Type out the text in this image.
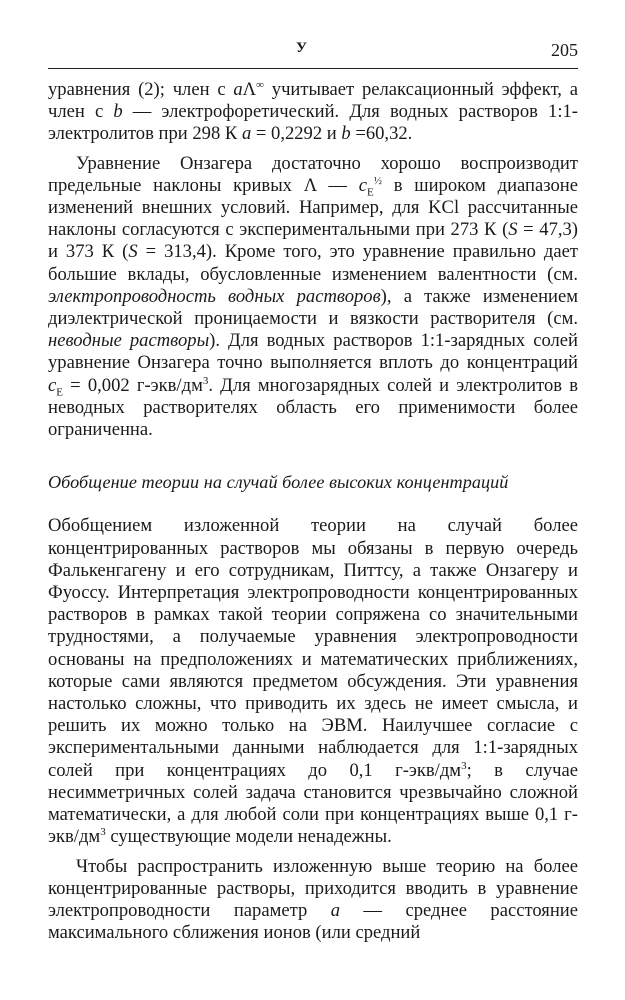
У	205

уравнения (2); член с aΛ∞ учитывает релаксационный эффект, а член с b — электрофоретический. Для водных растворов 1:1-электролитов при 298 К a = 0,2292 и b =60,32.

Уравнение Онзагера достаточно хорошо воспроизводит предельные наклоны кривых Λ — $c_E^{\frac{1}{2}}$ в широком диапазоне изменений внешних условий. Например, для KCl рассчитанные наклоны согласуются с экспериментальными при 273 К (S = 47,3) и 373 К (S = 313,4). Кроме того, это уравнение правильно дает большие вклады, обусловленные изменением валентности (см. электропроводность водных растворов), а также изменением диэлектрической проницаемости и вязкости растворителя (см. неводные растворы). Для водных растворов 1:1-зарядных солей уравнение Онзагера точно выполняется вплоть до концентраций $c_E = 0,002$ $г-экв/дм^3$. Для многозарядных солей и электролитов в неводных растворителях область его применимости более ограниченна.

Обобщение теории на случай более высоких концентраций

Обобщением изложенной теории на случай более концентрированных растворов мы обязаны в первую очередь Фалькенгагену и его сотрудникам, Питтсу, а также Онзагеру и Фуоссу. Интерпретация электропроводности концентрированных растворов в рамках такой теории сопряжена со значительными трудностями, а получаемые уравнения электропроводности основаны на предположениях и математических приближениях, которые сами являются предметом обсуждения. Эти уравнения настолько сложны, что приводить их здесь не имеет смысла, и решить их можно только на ЭВМ. Наилучшее согласие с экспериментальными данными наблюдается для 1:1-зарядных солей при концентрациях до 0,1 $г-экв/дм^3$; в случае несимметричных солей задача становится чрезвычайно сложной математически, а для любой соли при концентрациях выше 0,1 $г-экв/дм^3$ существующие модели ненадежны.

Чтобы распространить изложенную выше теорию на более концентрированные растворы, приходится вводить в уравнение электропроводности параметр a — среднее расстояние максимального сближения ионов (или средний
